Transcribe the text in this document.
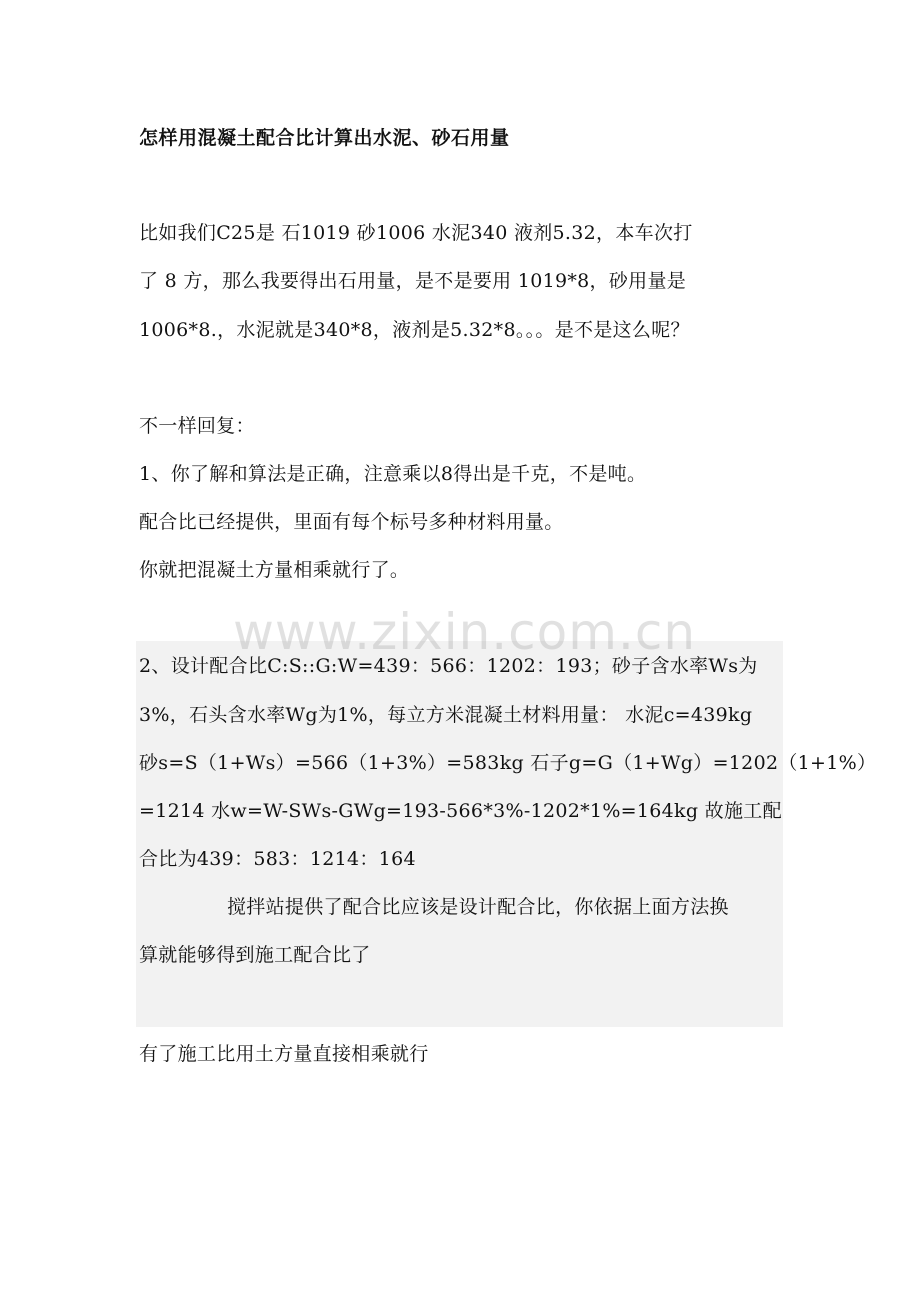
怎样用混凝土配合比计算出水泥、砂石用量
比如我们C25是 石1019 砂1006 水泥340 液剂5.32，本车次打
了 8 方，那么我要得出石用量，是不是要用 1019*8，砂用量是
1006*8.，水泥就是340*8，液剂是5.32*8。。。是不是这么呢？
不一样回复：
1、你了解和算法是正确，注意乘以8得出是千克，不是吨。
配合比已经提供，里面有每个标号多种材料用量。
你就把混凝土方量相乘就行了。
www.zixin.com.cn
2、设计配合比C:S::G:W=439：566：1202：193；砂子含水率Ws为
3%，石头含水率Wg为1%，每立方米混凝土材料用量： 水泥c=439kg
砂s=S（1+Ws）=566（1+3%）=583kg 石子g=G（1+Wg）=1202（1+1%）
=1214 水w=W-SWs-GWg=193-566*3%-1202*1%=164kg 故施工配
合比为439：583：1214：164
搅拌站提供了配合比应该是设计配合比，你依据上面方法换
算就能够得到施工配合比了
有了施工比用土方量直接相乘就行
